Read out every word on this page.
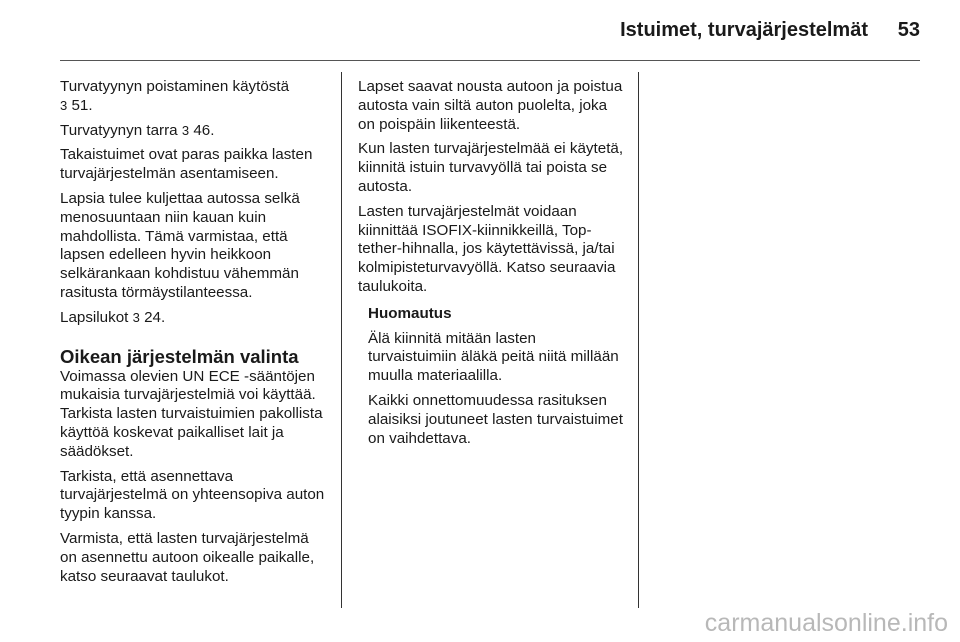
Istuimet, turvajärjestelmät 53

Turvatyynyn poistaminen käytöstä
3 51.

Turvatyynyn tarra 3 46.

Takaistuimet ovat paras paikka lasten turvajärjestelmän asentamiseen.

Lapsia tulee kuljettaa autossa selkä menosuuntaan niin kauan kuin mahdollista. Tämä varmistaa, että lapsen edelleen hyvin heikkoon selkärankaan kohdistuu vähemmän rasitusta törmäystilanteessa.

Lapsilukot 3 24.

Oikean järjestelmän valinta

Voimassa olevien UN ECE -sääntöjen mukaisia turvajärjestelmiä voi käyttää. Tarkista lasten turvaistuimien pakollista käyttöä koskevat paikalliset lait ja säädökset.

Tarkista, että asennettava turvajärjestelmä on yhteensopiva auton tyypin kanssa.

Varmista, että lasten turvajärjestelmä on asennettu autoon oikealle paikalle, katso seuraavat taulukot.

Lapset saavat nousta autoon ja poistua autosta vain siltä auton puolelta, joka on poispäin liikenteestä.

Kun lasten turvajärjestelmää ei käytetä, kiinnitä istuin turvavyöllä tai poista se autosta.

Lasten turvajärjestelmät voidaan kiinnittää ISOFIX-kiinnikkeillä, Top-tether-hihnalla, jos käytettävissä, ja/tai kolmipisteturvavyöllä. Katso seuraavia taulukoita.

Huomautus

Älä kiinnitä mitään lasten turvaistuimiin äläkä peitä niitä millään muulla materiaalilla.

Kaikki onnettomuudessa rasituksen alaisiksi joutuneet lasten turvaistuimet on vaihdettava.

carmanualsonline.info
